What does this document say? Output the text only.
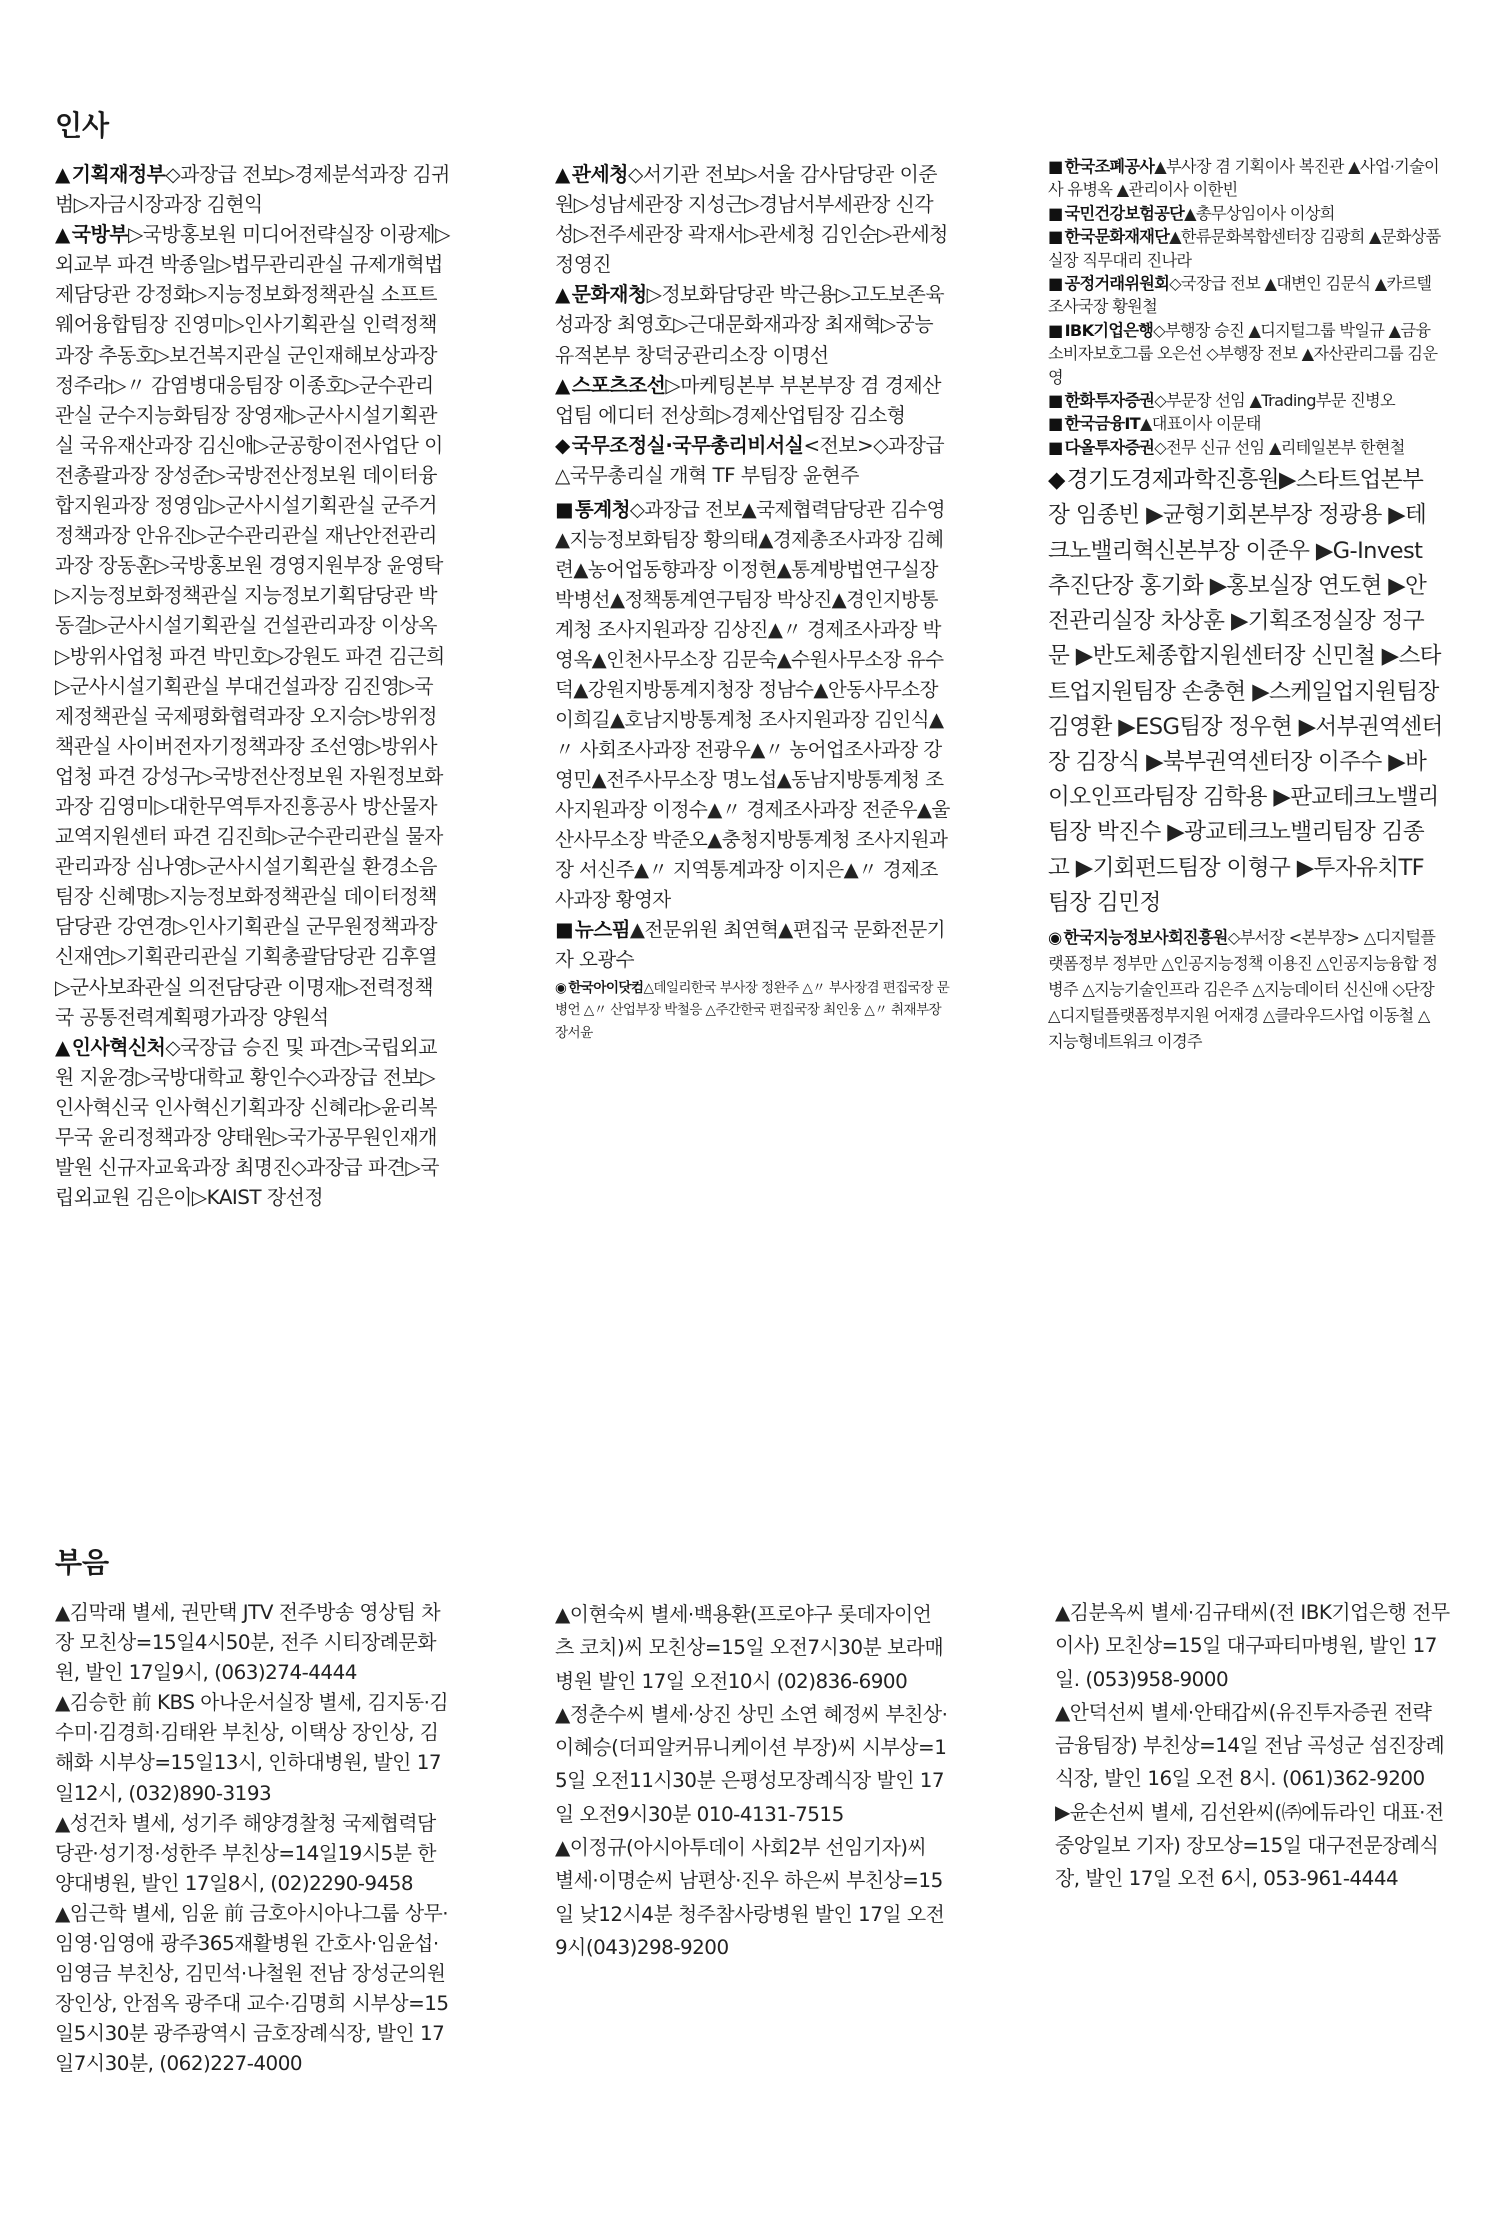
인사

▲ 기획재정부◇과장급 전보▷경제분석과장 김귀범▷자금시장과장 김현익

▲ 국방부▷국방홍보원 미디어전략실장 이광제▷외교부 파견 박종일▷법무관리관실 규제개혁법제담당관 강정화▷지능정보화정책관실 소프트웨어융합팀장 진영미▷인사기획관실 인력정책과장 추동호▷보건복지관실 군인재해보상과장 정주라▷〃 감염병대응팀장 이종호▷군수관리관실 군수지능화팀장 장영재▷군사시설기획관실 국유재산과장 김신애▷군공항이전사업단 이전총괄과장 장성준▷국방전산정보원 데이터융합지원과장 정영임▷군사시설기획관실 군주거정책과장 안유진▷군수관리관실 재난안전관리과장 장동훈▷국방홍보원 경영지원부장 윤영탁▷지능정보화정책관실 지능정보기획담당관 박동걸▷군사시설기획관실 건설관리과장 이상옥▷방위사업청 파견 박민호▷강원도 파견 김근희▷군사시설기획관실 부대건설과장 김진영▷국제정책관실 국제평화협력과장 오지승▷방위정책관실 사이버전자기정책과장 조선영▷방위사업청 파견 강성구▷국방전산정보원 자원정보화과장 김영미▷대한무역투자진흥공사 방산물자교역지원센터 파견 김진희▷군수관리관실 물자관리과장 심나영▷군사시설기획관실 환경소음팀장 신혜명▷지능정보화정책관실 데이터정책담당관 강연경▷인사기획관실 군무원정책과장 신재연▷기획관리관실 기획총괄담당관 김후열▷군사보좌관실 의전담당관 이명재▷전력정책국 공통전력계획평가과장 양원석

▲ 인사혁신처◇국장급 승진 및 파견▷국립외교원 지윤경▷국방대학교 황인수◇과장급 전보▷인사혁신국 인사혁신기획과장 신혜라▷윤리복무국 윤리정책과장 양태원▷국가공무원인재개발원 신규자교육과장 최명진◇과장급 파견▷국립외교원 김은이▷KAIST 장선정

▲ 관세청◇서기관 전보▷서울 감사담당관 이준원▷성남세관장 지성근▷경남서부세관장 신각성▷전주세관장 곽재서▷관세청 김인순▷관세청 정영진

▲ 문화재청▷정보화담당관 박근용▷고도보존육성과장 최영호▷근대문화재과장 최재혁▷궁능유적본부 창덕궁관리소장 이명선

▲ 스포츠조선▷마케팅본부 부본부장 겸 경제산업팀 에디터 전상희▷경제산업팀장 김소형

◆ 국무조정실·국무총리비서실<전보>◇과장급 △국무총리실 개혁 TF 부팀장 윤현주

■ 통계청◇과장급 전보▲국제협력담당관 김수영▲지능정보화팀장 황의태▲경제총조사과장 김혜련▲농어업동향과장 이정현▲통계방법연구실장 박병선▲정책통계연구팀장 박상진▲경인지방통계청 조사지원과장 김상진▲〃 경제조사과장 박영옥▲인천사무소장 김문숙▲수원사무소장 유수덕▲강원지방통계지청장 정남수▲안동사무소장 이희길▲호남지방통계청 조사지원과장 김인식▲〃 사회조사과장 전광우▲〃 농어업조사과장 강영민▲전주사무소장 명노섭▲동남지방통계청 조사지원과장 이정수▲〃 경제조사과장 전준우▲울산사무소장 박준오▲충청지방통계청 조사지원과장 서신주▲〃 지역통계과장 이지은▲〃 경제조사과장 황영자

■ 뉴스핌▲전문위원 최연혁▲편집국 문화전문기자 오광수

◉ 한국아이닷컴△데일리한국 부사장 정완주 △〃 부사장겸 편집국장 문병언 △〃 산업부장 박철응 △주간한국 편집국장 최인웅 △〃 취재부장 장서윤

■ 한국조폐공사▲부사장 겸 기획이사 복진관 ▲사업·기술이사 유병옥 ▲관리이사 이한빈

■ 국민건강보험공단▲총무상임이사 이상희

■ 한국문화재재단▲한류문화복합센터장 김광희 ▲문화상품실장 직무대리 진나라

■ 공정거래위원회◇국장급 전보 ▲대변인 김문식 ▲카르텔조사국장 황원철

■ IBK기업은행◇부행장 승진 ▲디지털그룹 박일규 ▲금융소비자보호그룹 오은선 ◇부행장 전보 ▲자산관리그룹 김운영

■ 한화투자증권◇부문장 선임 ▲Trading부문 진병오

■ 한국금융IT▲대표이사 이문태

■ 다올투자증권◇전무 신규 선임 ▲리테일본부 한현철

◆경기도경제과학진흥원▶스타트업본부장 임종빈 ▶균형기회본부장 정광용 ▶테크노밸리혁신본부장 이준우 ▶G-Invest추진단장 홍기화 ▶홍보실장 연도현 ▶안전관리실장 차상훈 ▶기획조정실장 정구문 ▶반도체종합지원센터장 신민철 ▶스타트업지원팀장 손충현 ▶스케일업지원팀장 김영환 ▶ESG팀장 정우현 ▶서부권역센터장 김장식 ▶북부권역센터장 이주수 ▶바이오인프라팀장 김학용 ▶판교테크노밸리팀장 박진수 ▶광교테크노밸리팀장 김종고 ▶기회펀드팀장 이형구 ▶투자유치TF팀장 김민정

◉ 한국지능정보사회진흥원◇부서장 <본부장> △디지털플랫폼정부 정부만 △인공지능정책 이용진 △인공지능융합 정병주 △지능기술인프라 김은주 △지능데이터 신신애 ◇단장 △디지털플랫폼정부지원 어재경 △클라우드사업 이동철 △지능형네트워크 이경주

부음

▲김막래 별세, 권만택 JTV 전주방송 영상팀 차장 모친상=15일4시50분, 전주 시티장례문화원, 발인 17일9시, (063)274-4444

▲김승한 前 KBS 아나운서실장 별세, 김지동·김수미·김경희·김태완 부친상, 이택상 장인상, 김해화 시부상=15일13시, 인하대병원, 발인 17일12시, (032)890-3193

▲성건차 별세, 성기주 해양경찰청 국제협력담당관·성기정·성한주 부친상=14일19시5분 한양대병원, 발인 17일8시, (02)2290-9458

▲임근학 별세, 임윤 前 금호아시아나그룹 상무·임영·임영애 광주365재활병원 간호사·임윤섭·임영금 부친상, 김민석·나철원 전남 장성군의원 장인상, 안점옥 광주대 교수·김명희 시부상=15일5시30분 광주광역시 금호장례식장, 발인 17일7시30분, (062)227-4000

▲이현숙씨 별세·백용환(프로야구 롯데자이언츠 코치)씨 모친상=15일 오전7시30분 보라매병원 발인 17일 오전10시 (02)836-6900

▲정춘수씨 별세·상진 상민 소연 혜정씨 부친상·이혜승(더피알커뮤니케이션 부장)씨 시부상=15일 오전11시30분 은평성모장례식장 발인 17일 오전9시30분 010-4131-7515

▲이정규(아시아투데이 사회2부 선임기자)씨 별세·이명순씨 남편상·진우 하은씨 부친상=15일 낮12시4분 청주참사랑병원 발인 17일 오전9시(043)298-9200

▲김분옥씨 별세·김규태씨(전 IBK기업은행 전무이사) 모친상=15일 대구파티마병원, 발인 17일. (053)958-9000

▲안덕선씨 별세·안태갑씨(유진투자증권 전략금융팀장) 부친상=14일 전남 곡성군 섬진장례식장, 발인 16일 오전 8시. (061)362-9200

▶윤손선씨 별세, 김선완씨(㈜에듀라인 대표·전 중앙일보 기자) 장모상=15일 대구전문장례식장, 발인 17일 오전 6시, 053-961-4444
